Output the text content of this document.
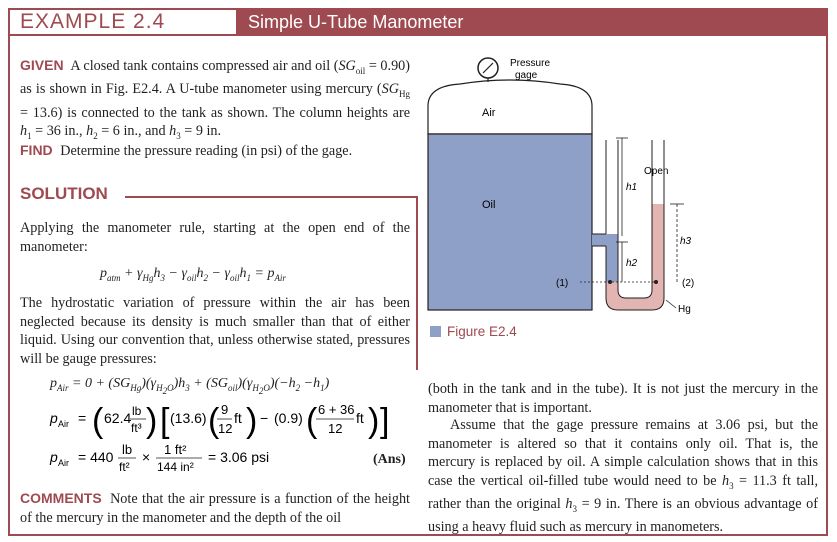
EXAMPLE 2.4	Simple U-Tube Manometer
GIVEN A closed tank contains compressed air and oil $(SG_{oil} = 0.90)$ as is shown in Fig. E2.4. A U-tube manometer using mercury $(SG_{Hg} = 13.6)$ is connected to the tank as shown. The column heights are $h_1 = 36$ in., $h_2 = 6$ in., and $h_3 = 9$ in.
FIND Determine the pressure reading (in psi) of the gage.
SOLUTION
Applying the manometer rule, starting at the open end of the manometer:
$p_{atm} + \gamma_{Hg}h_3 - \gamma_{oil}h_2 - \gamma_{oil}h_1 = p_{Air}$
The hydrostatic variation of pressure within the air has been neglected because its density is much smaller than that of either liquid. Using our convention that, unless otherwise stated, pressures will be gauge pressures:
$p_{Air} = 0 + (SG_{Hg})(\gamma_{H_2O})h_3 + (SG_{oil})(\gamma_{H_2O})(-h_2 -h_1)$
p Air = ( 62.4 lb
ft³ ) [ (13.6) ( 9
12
ft ) − (0.9) ( 6 + 36
12
ft ) ]
p Air = 440 lb
ft²
× 1 ft²
144 in²
= 3.06 psi	(Ans)
COMMENTS Note that the air pressure is a function of the height of the mercury in the manometer and the depth of the oil
Pressure
gage
Air
Oil
Open
h1
h2
h3
(1)	(2)
Hg
Figure E2.4
(both in the tank and in the tube). It is not just the mercury in the manometer that is important.
Assume that the gage pressure remains at 3.06 psi, but the manometer is altered so that it contains only oil. That is, the mercury is replaced by oil. A simple calculation shows that in this case the vertical oil-filled tube would need to be $h_3 = 11.3$ ft tall, rather than the original $h_3 = 9$ in. There is an obvious advantage of using a heavy fluid such as mercury in manometers.
